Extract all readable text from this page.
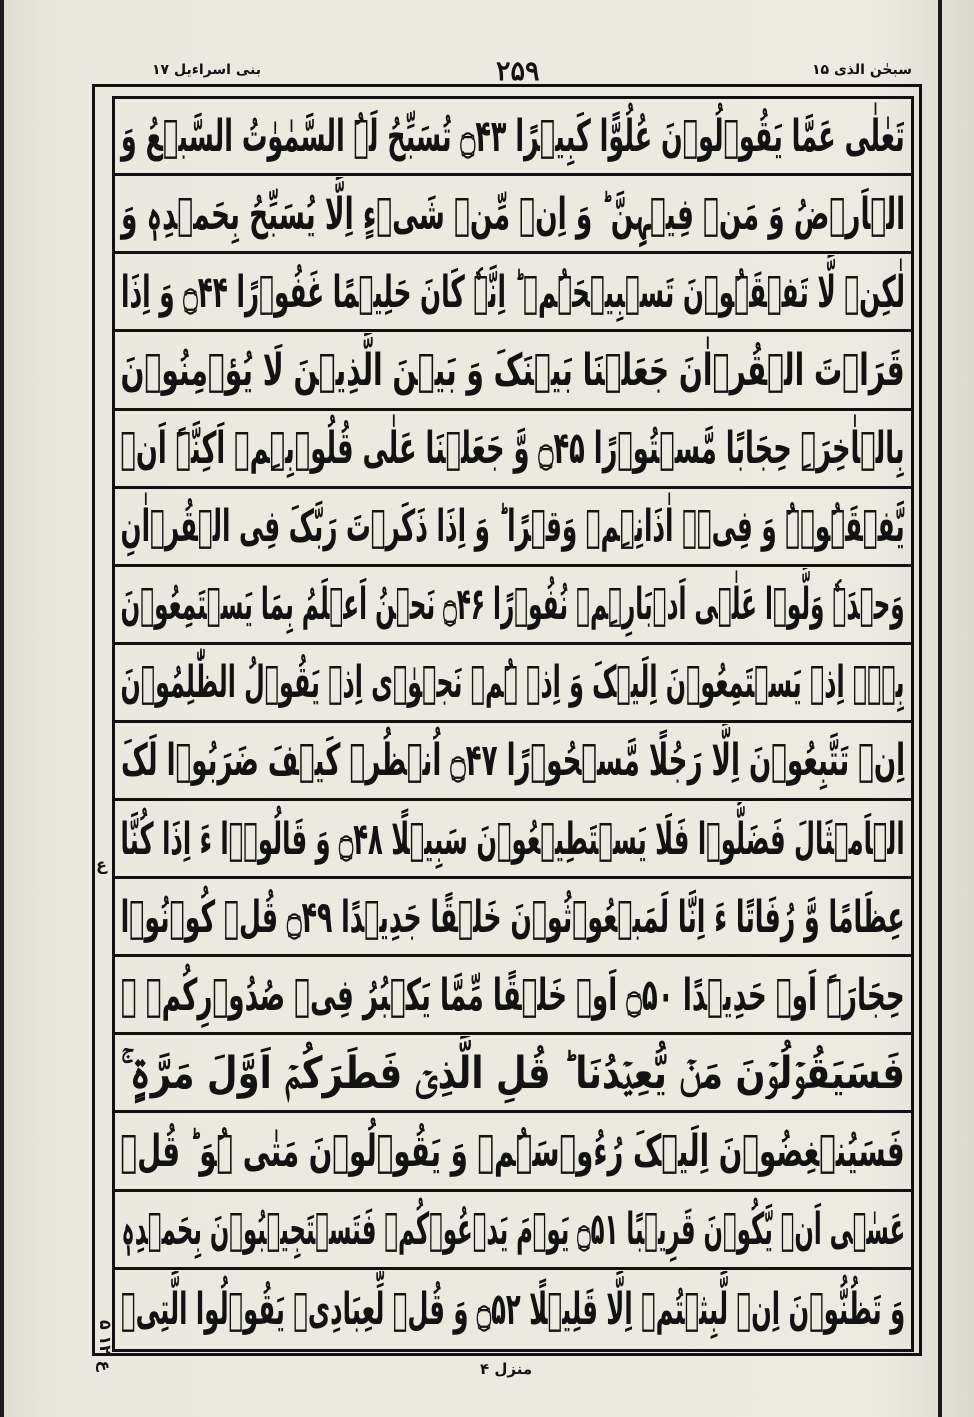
بنی اسراءیل ۱۷	۲۵۹	سبحٰن الذی ۱۵
تَعٰلٰی عَمَّا یَقُوۡلُوۡنَ عُلُوًّا کَبِیۡرًا ۝۴۳ تُسَبِّحُ لَہُ السَّمٰوٰتُ السَّبۡعُ وَ
الۡاَرۡضُ وَ مَنۡ فِیۡہِنَّ ؕ وَ اِنۡ مِّنۡ شَیۡءٍ اِلَّا یُسَبِّحُ بِحَمۡدِہٖ وَ
لٰکِنۡ لَّا تَفۡقَہُوۡنَ تَسۡبِیۡحَہُمۡ ؕ اِنَّہٗ کَانَ حَلِیۡمًا غَفُوۡرًا ۝۴۴ وَ اِذَا
قَرَاۡتَ الۡقُرۡاٰنَ جَعَلۡنَا بَیۡنَکَ وَ بَیۡنَ الَّذِیۡنَ لَا یُؤۡمِنُوۡنَ
بِالۡاٰخِرَۃِ حِجَابًا مَّسۡتُوۡرًا ۝۴۵ وَّ جَعَلۡنَا عَلٰی قُلُوۡبِہِمۡ اَکِنَّۃً اَنۡ
یَّفۡقَہُوۡہُ وَ فِیۡۤ اٰذَانِہِمۡ وَقۡرًا ؕ وَ اِذَا ذَکَرۡتَ رَبَّکَ فِی الۡقُرۡاٰنِ
وَحۡدَہٗ وَلَّوۡا عَلٰۤی اَدۡبَارِہِمۡ نُفُوۡرًا ۝۴۶ نَحۡنُ اَعۡلَمُ بِمَا یَسۡتَمِعُوۡنَ
بِہٖۤ اِذۡ یَسۡتَمِعُوۡنَ اِلَیۡکَ وَ اِذۡ ہُمۡ نَجۡوٰۤی اِذۡ یَقُوۡلُ الظّٰلِمُوۡنَ
اِنۡ تَتَّبِعُوۡنَ اِلَّا رَجُلًا مَّسۡحُوۡرًا ۝۴۷ اُنۡظُرۡ کَیۡفَ ضَرَبُوۡا لَکَ
الۡاَمۡثَالَ فَضَلُّوۡا فَلَا یَسۡتَطِیۡعُوۡنَ سَبِیۡلًا ۝۴۸ وَ قَالُوۡۤا ءَ اِذَا کُنَّا
عِظَامًا وَّ رُفَاتًا ءَ اِنَّا لَمَبۡعُوۡثُوۡنَ خَلۡقًا جَدِیۡدًا ۝۴۹ قُلۡ کُوۡنُوۡا
حِجَارَۃً اَوۡ حَدِیۡدًا ۝۵۰ اَوۡ خَلۡقًا مِّمَّا یَکۡبُرُ فِیۡ صُدُوۡرِکُمۡ ۚ
فَسَیَقُوۡلُوۡنَ مَنۡ یُّعِیۡدُنَا ؕ قُلِ الَّذِیۡ فَطَرَکُمۡ اَوَّلَ مَرَّۃٍ ۚ
فَسَیُنۡغِضُوۡنَ اِلَیۡکَ رُءُوۡسَہُمۡ وَ یَقُوۡلُوۡنَ مَتٰی ہُوَ ؕ قُلۡ
عَسٰۤی اَنۡ یَّکُوۡنَ قَرِیۡبًا ۝۵۱ یَوۡمَ یَدۡعُوۡکُمۡ فَتَسۡتَجِیۡبُوۡنَ بِحَمۡدِہٖ
وَ تَظُنُّوۡنَ اِنۡ لَّبِثۡتُمۡ اِلَّا قَلِیۡلًا ۝۵۲ وَ قُلۡ لِّعِبَادِیۡ یَقُوۡلُوا الَّتِیۡ
ع
ع ۱۲ ۵	منزل ۴
